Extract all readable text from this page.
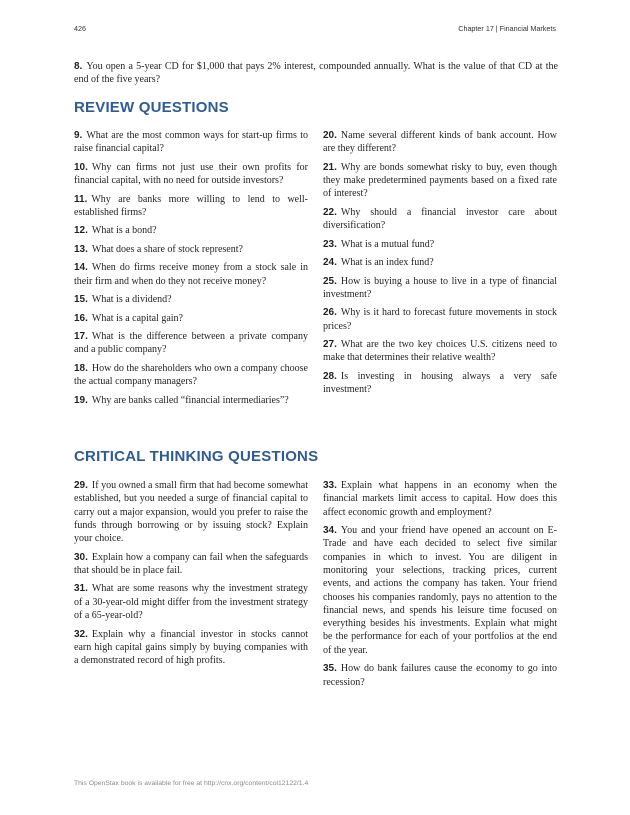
426	Chapter 17 | Financial Markets

8. You open a 5-year CD for $1,000 that pays 2% interest, compounded annually. What is the value of that CD at the end of the five years?

REVIEW QUESTIONS

9. What are the most common ways for start-up firms to raise financial capital?

10. Why can firms not just use their own profits for financial capital, with no need for outside investors?

11. Why are banks more willing to lend to well-established firms?

12. What is a bond?

13. What does a share of stock represent?

14. When do firms receive money from a stock sale in their firm and when do they not receive money?

15. What is a dividend?

16. What is a capital gain?

17. What is the difference between a private company and a public company?

18. How do the shareholders who own a company choose the actual company managers?

19. Why are banks called “financial intermediaries”?

20. Name several different kinds of bank account. How are they different?

21. Why are bonds somewhat risky to buy, even though they make predetermined payments based on a fixed rate of interest?

22. Why should a financial investor care about diversification?

23. What is a mutual fund?

24. What is an index fund?

25. How is buying a house to live in a type of financial investment?

26. Why is it hard to forecast future movements in stock prices?

27. What are the two key choices U.S. citizens need to make that determines their relative wealth?

28. Is investing in housing always a very safe investment?

CRITICAL THINKING QUESTIONS

29. If you owned a small firm that had become somewhat established, but you needed a surge of financial capital to carry out a major expansion, would you prefer to raise the funds through borrowing or by issuing stock? Explain your choice.

30. Explain how a company can fail when the safeguards that should be in place fail.

31. What are some reasons why the investment strategy of a 30-year-old might differ from the investment strategy of a 65-year-old?

32. Explain why a financial investor in stocks cannot earn high capital gains simply by buying companies with a demonstrated record of high profits.

33. Explain what happens in an economy when the financial markets limit access to capital. How does this affect economic growth and employment?

34. You and your friend have opened an account on E-Trade and have each decided to select five similar companies in which to invest. You are diligent in monitoring your selections, tracking prices, current events, and actions the company has taken. Your friend chooses his companies randomly, pays no attention to the financial news, and spends his leisure time focused on everything besides his investments. Explain what might be the performance for each of your portfolios at the end of the year.

35. How do bank failures cause the economy to go into recession?

This OpenStax book is available for free at http://cnx.org/content/col12122/1.4
